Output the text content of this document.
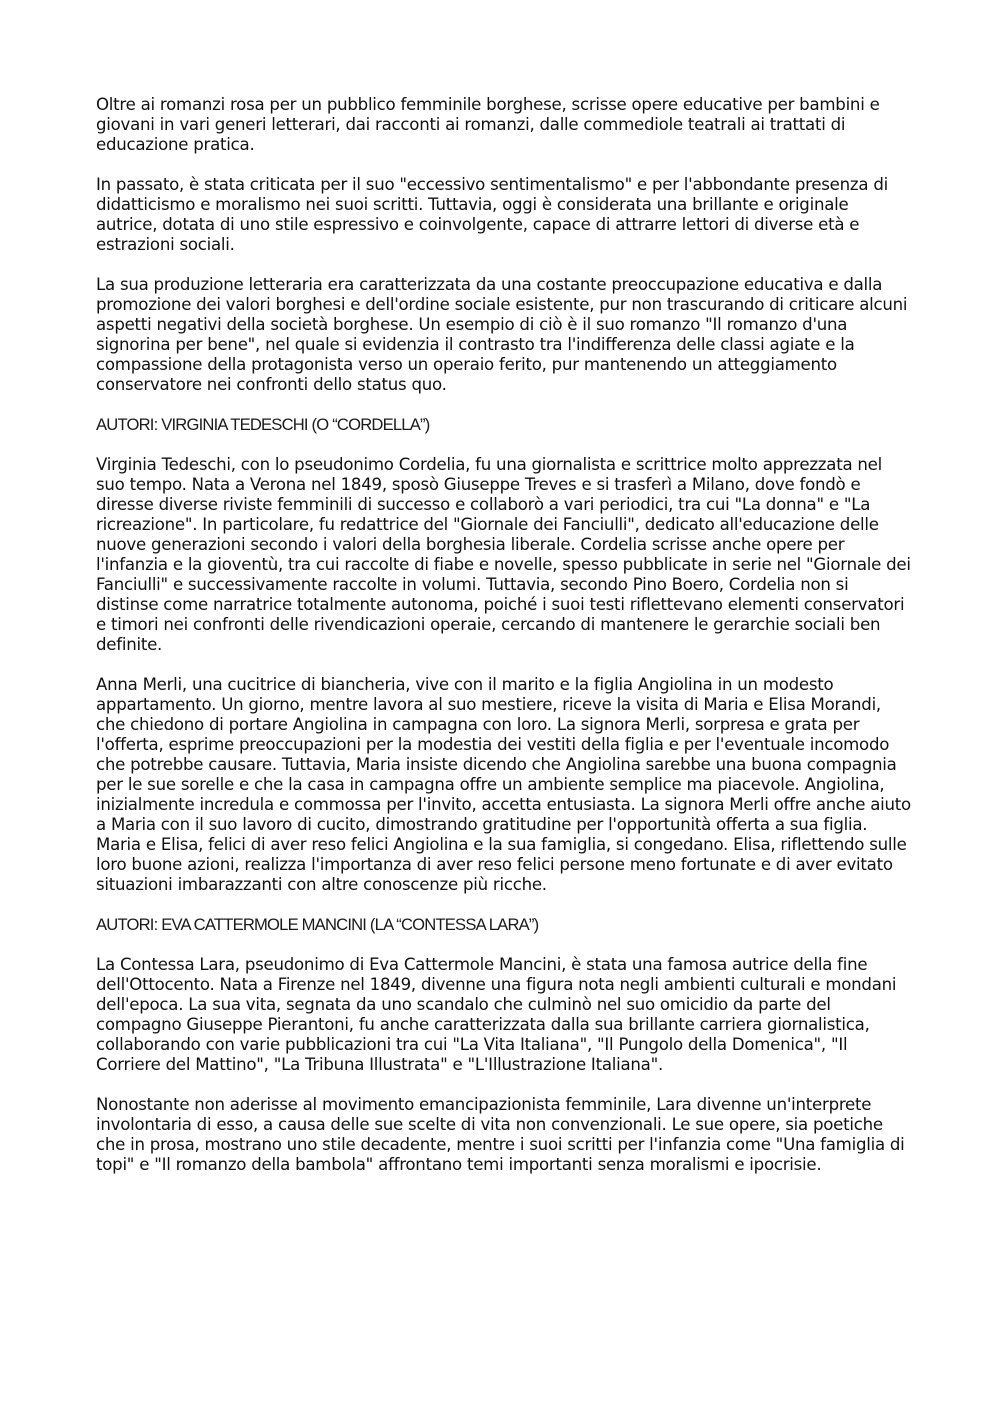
Oltre ai romanzi rosa per un pubblico femminile borghese, scrisse opere educative per bambini e giovani in vari generi letterari, dai racconti ai romanzi, dalle commediole teatrali ai trattati di educazione pratica.

In passato, è stata criticata per il suo "eccessivo sentimentalismo" e per l'abbondante presenza di didatticismo e moralismo nei suoi scritti. Tuttavia, oggi è considerata una brillante e originale autrice, dotata di uno stile espressivo e coinvolgente, capace di attrarre lettori di diverse età e estrazioni sociali.

La sua produzione letteraria era caratterizzata da una costante preoccupazione educativa e dalla promozione dei valori borghesi e dell'ordine sociale esistente, pur non trascurando di criticare alcuni aspetti negativi della società borghese. Un esempio di ciò è il suo romanzo "Il romanzo d'una signorina per bene", nel quale si evidenzia il contrasto tra l'indifferenza delle classi agiate e la compassione della protagonista verso un operaio ferito, pur mantenendo un atteggiamento conservatore nei confronti dello status quo.

AUTORI: VIRGINIA TEDESCHI (O “CORDELLA”)

Virginia Tedeschi, con lo pseudonimo Cordelia, fu una giornalista e scrittrice molto apprezzata nel suo tempo. Nata a Verona nel 1849, sposò Giuseppe Treves e si trasferì a Milano, dove fondò e diresse diverse riviste femminili di successo e collaborò a vari periodici, tra cui "La donna" e "La ricreazione". In particolare, fu redattrice del "Giornale dei Fanciulli", dedicato all'educazione delle nuove generazioni secondo i valori della borghesia liberale. Cordelia scrisse anche opere per l'infanzia e la gioventù, tra cui raccolte di fiabe e novelle, spesso pubblicate in serie nel "Giornale dei Fanciulli" e successivamente raccolte in volumi. Tuttavia, secondo Pino Boero, Cordelia non si distinse come narratrice totalmente autonoma, poiché i suoi testi riflettevano elementi conservatori e timori nei confronti delle rivendicazioni operaie, cercando di mantenere le gerarchie sociali ben definite.

Anna Merli, una cucitrice di biancheria, vive con il marito e la figlia Angiolina in un modesto appartamento. Un giorno, mentre lavora al suo mestiere, riceve la visita di Maria e Elisa Morandi, che chiedono di portare Angiolina in campagna con loro. La signora Merli, sorpresa e grata per l'offerta, esprime preoccupazioni per la modestia dei vestiti della figlia e per l'eventuale incomodo che potrebbe causare. Tuttavia, Maria insiste dicendo che Angiolina sarebbe una buona compagnia per le sue sorelle e che la casa in campagna offre un ambiente semplice ma piacevole. Angiolina, inizialmente incredula e commossa per l'invito, accetta entusiasta. La signora Merli offre anche aiuto a Maria con il suo lavoro di cucito, dimostrando gratitudine per l'opportunità offerta a sua figlia. Maria e Elisa, felici di aver reso felici Angiolina e la sua famiglia, si congedano. Elisa, riflettendo sulle loro buone azioni, realizza l'importanza di aver reso felici persone meno fortunate e di aver evitato situazioni imbarazzanti con altre conoscenze più ricche.

AUTORI: EVA CATTERMOLE MANCINI (LA “CONTESSA LARA”)

La Contessa Lara, pseudonimo di Eva Cattermole Mancini, è stata una famosa autrice della fine dell'Ottocento. Nata a Firenze nel 1849, divenne una figura nota negli ambienti culturali e mondani dell'epoca. La sua vita, segnata da uno scandalo che culminò nel suo omicidio da parte del compagno Giuseppe Pierantoni, fu anche caratterizzata dalla sua brillante carriera giornalistica, collaborando con varie pubblicazioni tra cui "La Vita Italiana", "Il Pungolo della Domenica", "Il Corriere del Mattino", "La Tribuna Illustrata" e "L'Illustrazione Italiana".

Nonostante non aderisse al movimento emancipazionista femminile, Lara divenne un'interprete involontaria di esso, a causa delle sue scelte di vita non convenzionali. Le sue opere, sia poetiche che in prosa, mostrano uno stile decadente, mentre i suoi scritti per l'infanzia come "Una famiglia di topi" e "Il romanzo della bambola" affrontano temi importanti senza moralismi e ipocrisie.
